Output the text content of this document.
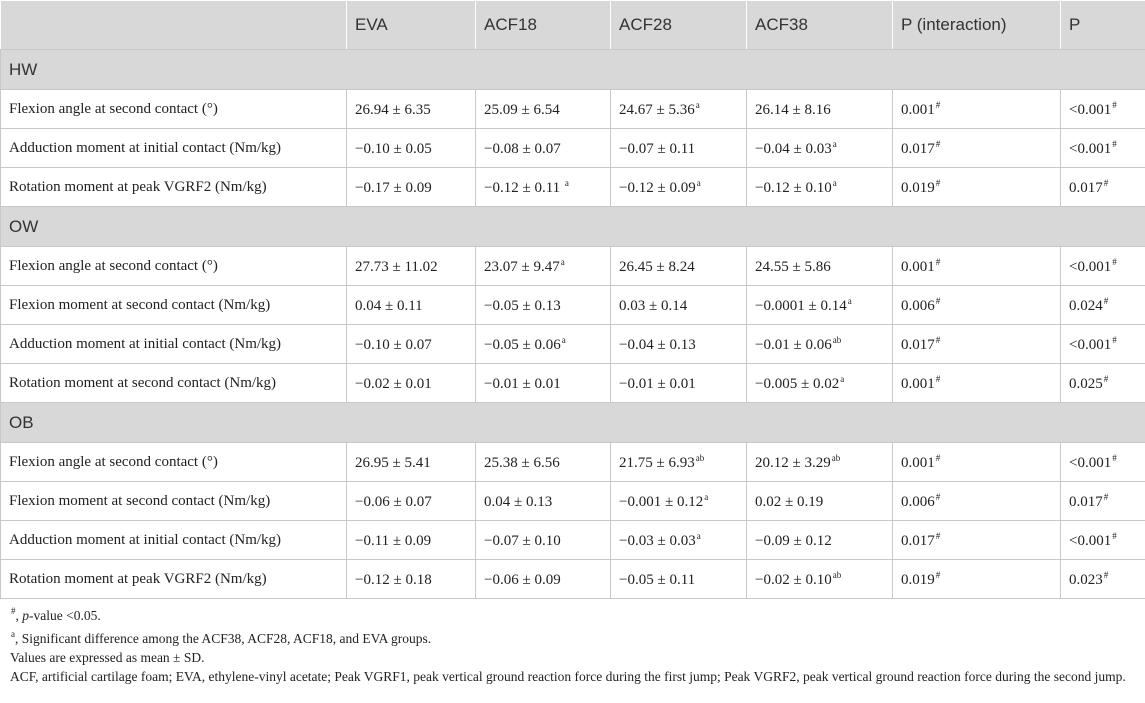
	EVA	ACF18	ACF28	ACF38	P (interaction)	P
HW						
Flexion angle at second contact (°)	26.94 ± 6.35	25.09 ± 6.54	24.67 ± 5.36$^a$	26.14 ± 8.16	0.001#	<0.001#
Adduction moment at initial contact (Nm/kg)	−0.10 ± 0.05	−0.08 ± 0.07	−0.07 ± 0.11	−0.04 ± 0.03$^a$	0.017#	<0.001#
Rotation moment at peak VGRF2 (Nm/kg)	−0.17 ± 0.09	−0.12 ± 0.11 $^a$	−0.12 ± 0.09$^a$	−0.12 ± 0.10$^a$	0.019#	0.017#
OW						
Flexion angle at second contact (°)	27.73 ± 11.02	23.07 ± 9.47$^a$	26.45 ± 8.24	24.55 ± 5.86	0.001#	<0.001#
Flexion moment at second contact (Nm/kg)	0.04 ± 0.11	−0.05 ± 0.13	0.03 ± 0.14	−0.0001 ± 0.14$^a$	0.006#	0.024#
Adduction moment at initial contact (Nm/kg)	−0.10 ± 0.07	−0.05 ± 0.06$^a$	−0.04 ± 0.13	−0.01 ± 0.06$^{ab}$	0.017#	<0.001#
Rotation moment at second contact (Nm/kg)	−0.02 ± 0.01	−0.01 ± 0.01	−0.01 ± 0.01	−0.005 ± 0.02$^a$	0.001#	0.025#
OB						
Flexion angle at second contact (°)	26.95 ± 5.41	25.38 ± 6.56	21.75 ± 6.93$^{ab}$	20.12 ± 3.29$^{ab}$	0.001#	<0.001#
Flexion moment at second contact (Nm/kg)	−0.06 ± 0.07	0.04 ± 0.13	−0.001 ± 0.12$^a$	0.02 ± 0.19	0.006#	0.017#
Adduction moment at initial contact (Nm/kg)	−0.11 ± 0.09	−0.07 ± 0.10	−0.03 ± 0.03$^a$	−0.09 ± 0.12	0.017#	<0.001#
Rotation moment at peak VGRF2 (Nm/kg)	−0.12 ± 0.18	−0.06 ± 0.09	−0.05 ± 0.11	−0.02 ± 0.10$^{ab}$	0.019#	0.023#

#, p-value <0.05.

$^a$, Significant difference among the ACF38, ACF28, ACF18, and EVA groups.

Values are expressed as mean ± SD.

ACF, artificial cartilage foam; EVA, ethylene-vinyl acetate; Peak VGRF1, peak vertical ground reaction force during the first jump; Peak VGRF2, peak vertical ground reaction force during the second jump.
